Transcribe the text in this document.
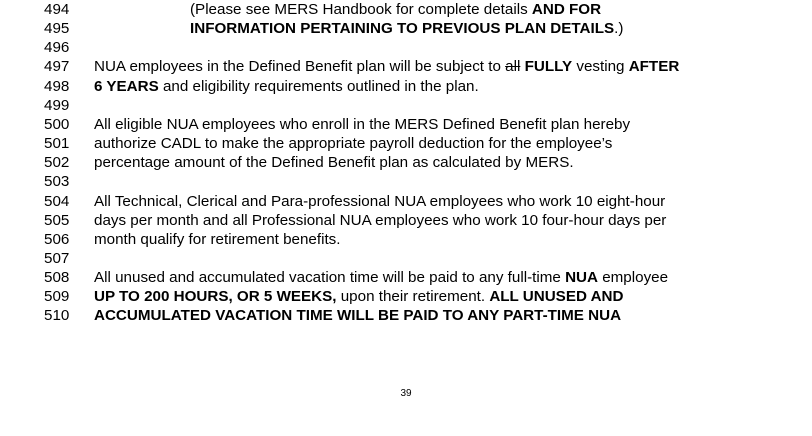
494	(Please see MERS Handbook for complete details AND FOR
495	INFORMATION PERTAINING TO PREVIOUS PLAN DETAILS.)
496
497 NUA employees in the Defined Benefit plan will be subject to all FULLY vesting AFTER
498 6 YEARS and eligibility requirements outlined in the plan.
499
500 All eligible NUA employees who enroll in the MERS Defined Benefit plan hereby
501 authorize CADL to make the appropriate payroll deduction for the employee’s
502 percentage amount of the Defined Benefit plan as calculated by MERS.
503
504 All Technical, Clerical and Para-professional NUA employees who work 10 eight-hour
505 days per month and all Professional NUA employees who work 10 four-hour days per
506 month qualify for retirement benefits.
507
508 All unused and accumulated vacation time will be paid to any full-time NUA employee
509 UP TO 200 HOURS, OR 5 WEEKS, upon their retirement. ALL UNUSED AND
510 ACCUMULATED VACATION TIME WILL BE PAID TO ANY PART-TIME NUA
39
